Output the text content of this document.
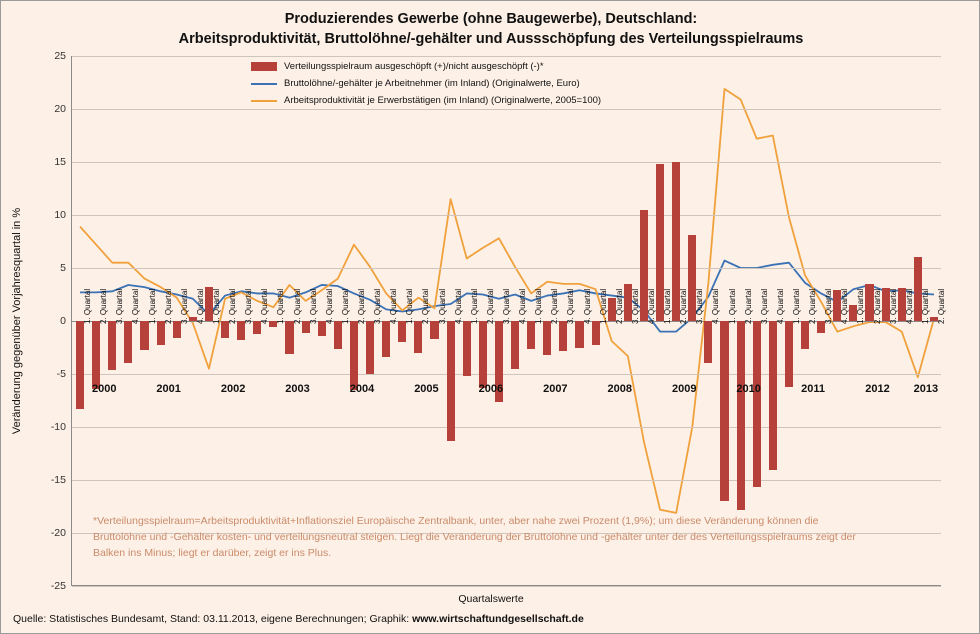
Produzierendes Gewerbe (ohne Baugewerbe), Deutschland:
Arbeitsproduktivität, Bruttolöhne/-gehälter und Aussschöpfung des Verteilungsspielraums
Veränderung gegenüber Vorjahresquartal in %
-25
-20
-15
-10
-5
0
5
10
15
20
25
1. Quartal 2. Quartal 3. Quartal 4. Quartal 1. Quartal 2. Quartal 3. Quartal 4. Quartal 1. Quartal 2. Quartal 3. Quartal 4. Quartal 1. Quartal 2. Quartal 3. Quartal 4. Quartal 1. Quartal 2. Quartal 3. Quartal 4. Quartal 1. Quartal 2. Quartal 3. Quartal 4. Quartal 1. Quartal 2. Quartal 3. Quartal 4. Quartal 1. Quartal 2. Quartal 3. Quartal 4. Quartal 1. Quartal 2. Quartal 3. Quartal 4. Quartal 1. Quartal 2. Quartal 3. Quartal 4. Quartal 1. Quartal 2. Quartal 3. Quartal 4. Quartal 1. Quartal 2. Quartal 3. Quartal 4. Quartal 1. Quartal 2. Quartal 3. Quartal 4. Quartal 1. Quartal 2. Quartal
2000	2001	2002	2003	2004	2005	2006	2007	2008	2009	2010	2011	2012	2013
Quartalswerte
Verteilungsspielraum ausgeschöpft (+)/nicht ausgeschöpft (-)*
Bruttolöhne/-gehälter je Arbeitnehmer (im Inland) (Originalwerte, Euro)
Arbeitsproduktivität je Erwerbstätigen (im Inland) (Originalwerte, 2005=100)
*Verteilungsspielraum=Arbeitsproduktivität+Inflationsziel Europäische Zentralbank, unter, aber nahe zwei Prozent (1,9%); um diese Veränderung können die Bruttolöhne und -Gehälter kosten- und verteilungsneutral steigen. Liegt die Veränderung der Bruttolöhne und -gehälter unter der des Verteilungsspielraums zeigt der Balken ins Minus; liegt er darüber, zeigt er ins Plus.
Quelle: Statistisches Bundesamt, Stand: 03.11.2013, eigene Berechnungen; Graphik: www.wirtschaftundgesellschaft.de
